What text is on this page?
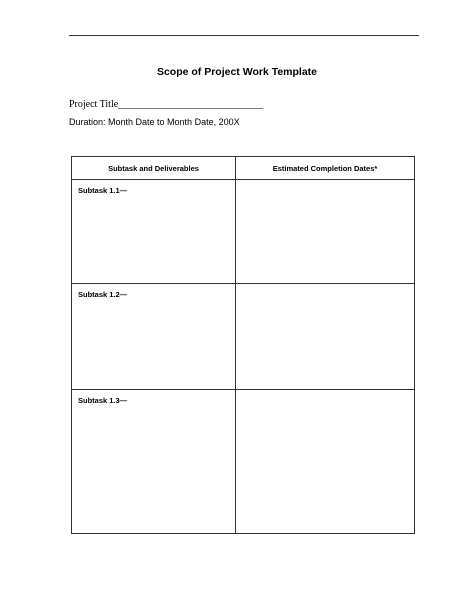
Scope of Project Work Template
Project Title_____________________________
Duration: Month Date to Month Date, 200X
Subtask and Deliverables	Estimated Completion Dates*

Subtask 1.1—	

Subtask 1.2—	

Subtask 1.3—	
